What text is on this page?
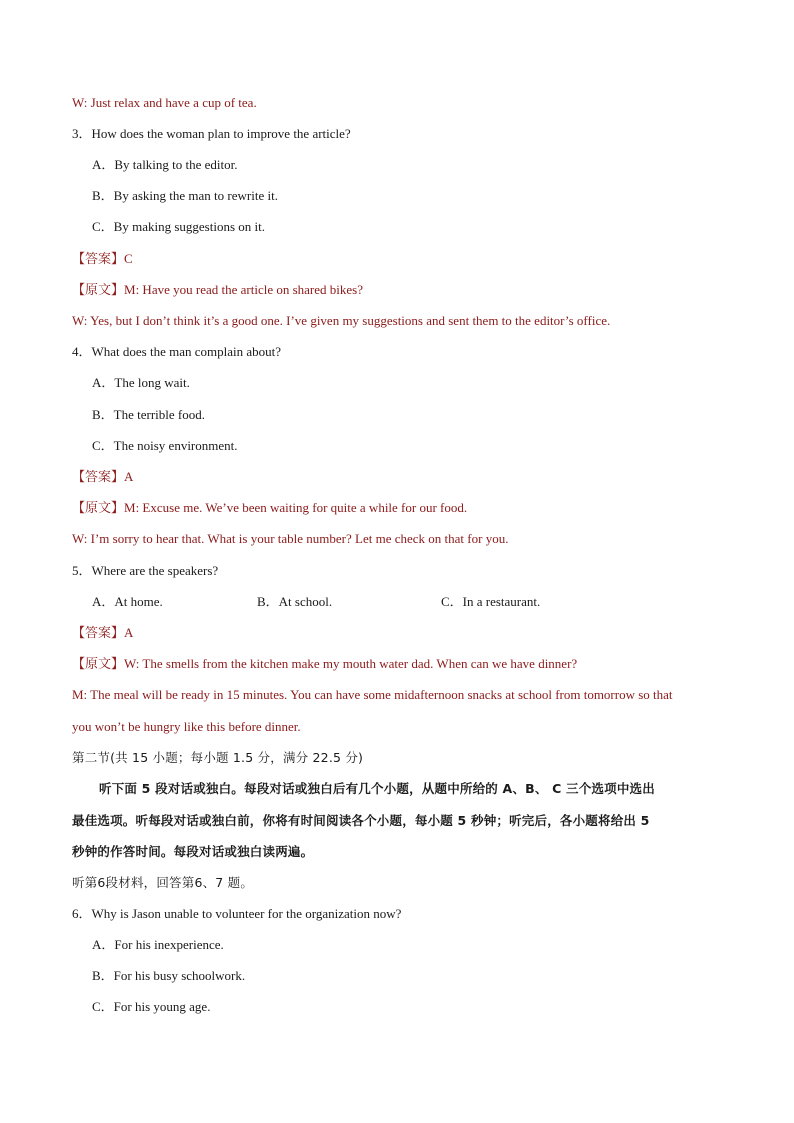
W: Just relax and have a cup of tea.
3．How does the woman plan to improve the article?
A．By talking to the editor.
B．By asking the man to rewrite it.
C．By making suggestions on it.
【答案】C
【原文】M: Have you read the article on shared bikes?
W: Yes, but I don’t think it’s a good one. I’ve given my suggestions and sent them to the editor’s office.
4．What does the man complain about?
A．The long wait.
B．The terrible food.
C．The noisy environment.
【答案】A
【原文】M: Excuse me. We’ve been waiting for quite a while for our food.
W: I’m sorry to hear that. What is your table number? Let me check on that for you.
5．Where are the speakers?
A．At home.	B．At school.	C．In a restaurant.
【答案】A
【原文】W: The smells from the kitchen make my mouth water dad. When can we have dinner?
M: The meal will be ready in 15 minutes. You can have some midafternoon snacks at school from tomorrow so that
you won’t be hungry like this before dinner.
第二节(共 15 小题；每小题 1.5 分，满分 22.5 分)
听下面 5 段对话或独白。每段对话或独白后有几个小题，从题中所给的 A、B、 C 三个选项中选出
最佳选项。听每段对话或独白前，你将有时间阅读各个小题，每小题 5 秒钟；听完后，各小题将给出 5
秒钟的作答时间。每段对话或独白读两遍。
听第6段材料，回答第6、7 题。
6．Why is Jason unable to volunteer for the organization now?
A．For his inexperience.
B．For his busy schoolwork.
C．For his young age.
